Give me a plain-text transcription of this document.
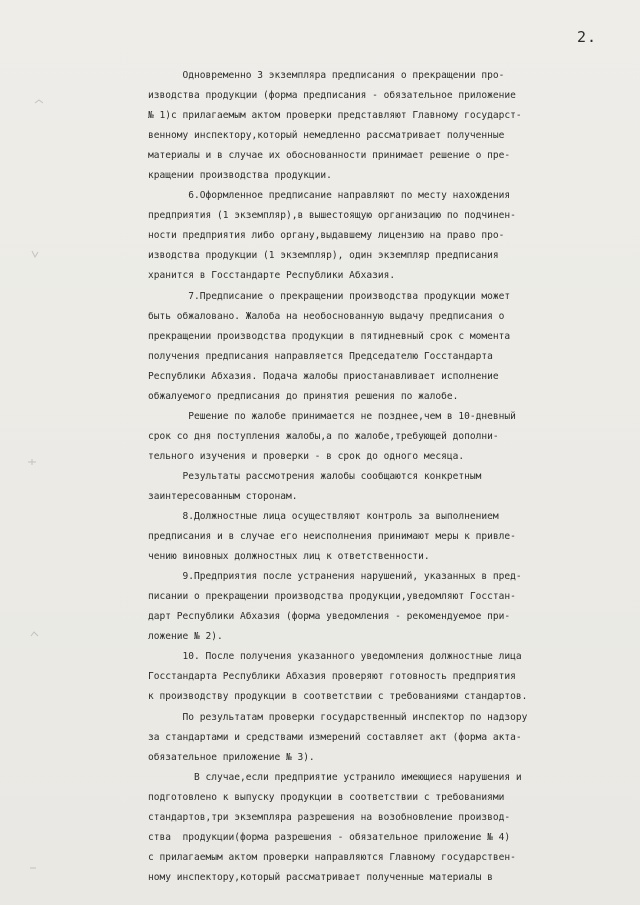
2.
Одновременно 3 экземпляра предписания о прекращении про-
изводства продукции (форма предписания - обязательное приложение
№ 1)с прилагаемым актом проверки представляют Главному государст-
венному инспектору,который немедленно рассматривает полученные
материалы и в случае их обоснованности принимает решение о пре-
кращении производства продукции.
6.Оформленное предписание направляют по месту нахождения
предприятия (1 экземпляр),в вышестоящую организацию по подчинен-
ности предприятия либо органу,выдавшему лицензию на право про-
изводства продукции (1 экземпляр), один экземпляр предписания
хранится в Госстандарте Республики Абхазия.
7.Предписание о прекращении производства продукции может
быть обжаловано. Жалоба на необоснованную выдачу предписания о
прекращении производства продукции в пятидневный срок с момента
получения предписания направляется Председателю Госстандарта
Республики Абхазия. Подача жалобы приостанавливает исполнение
обжалуемого предписания до принятия решения по жалобе.
Решение по жалобе принимается не позднее,чем в 10-дневный
срок со дня поступления жалобы,а по жалобе,требующей дополни-
тельного изучения и проверки - в срок до одного месяца.
Результаты рассмотрения жалобы сообщаются конкретным
заинтересованным сторонам.
8.Должностные лица осуществляют контроль за выполнением
предписания и в случае его неисполнения принимают меры к привле-
чению виновных должностных лиц к ответственности.
9.Предприятия после устранения нарушений, указанных в пред-
писании о прекращении производства продукции,уведомляют Госстан-
дарт Республики Абхазия (форма уведомления - рекомендуемое при-
ложение № 2).
10. После получения указанного уведомления должностные лица
Госстандарта Республики Абхазия проверяют готовность предприятия
к производству продукции в соответствии с требованиями стандартов.
По результатам проверки государственный инспектор по надзору
за стандартами и средствами измерений составляет акт (форма акта-
обязательное приложение № 3).
В случае,если предприятие устранило имеющиеся нарушения и
подготовлено к выпуску продукции в соответствии с требованиями
стандартов,три экземпляра разрешения на возобновление производ-
ства  продукции(форма разрешения - обязательное приложение № 4)
с прилагаемым актом проверки направляются Главному государствен-
ному инспектору,который рассматривает полученные материалы в
